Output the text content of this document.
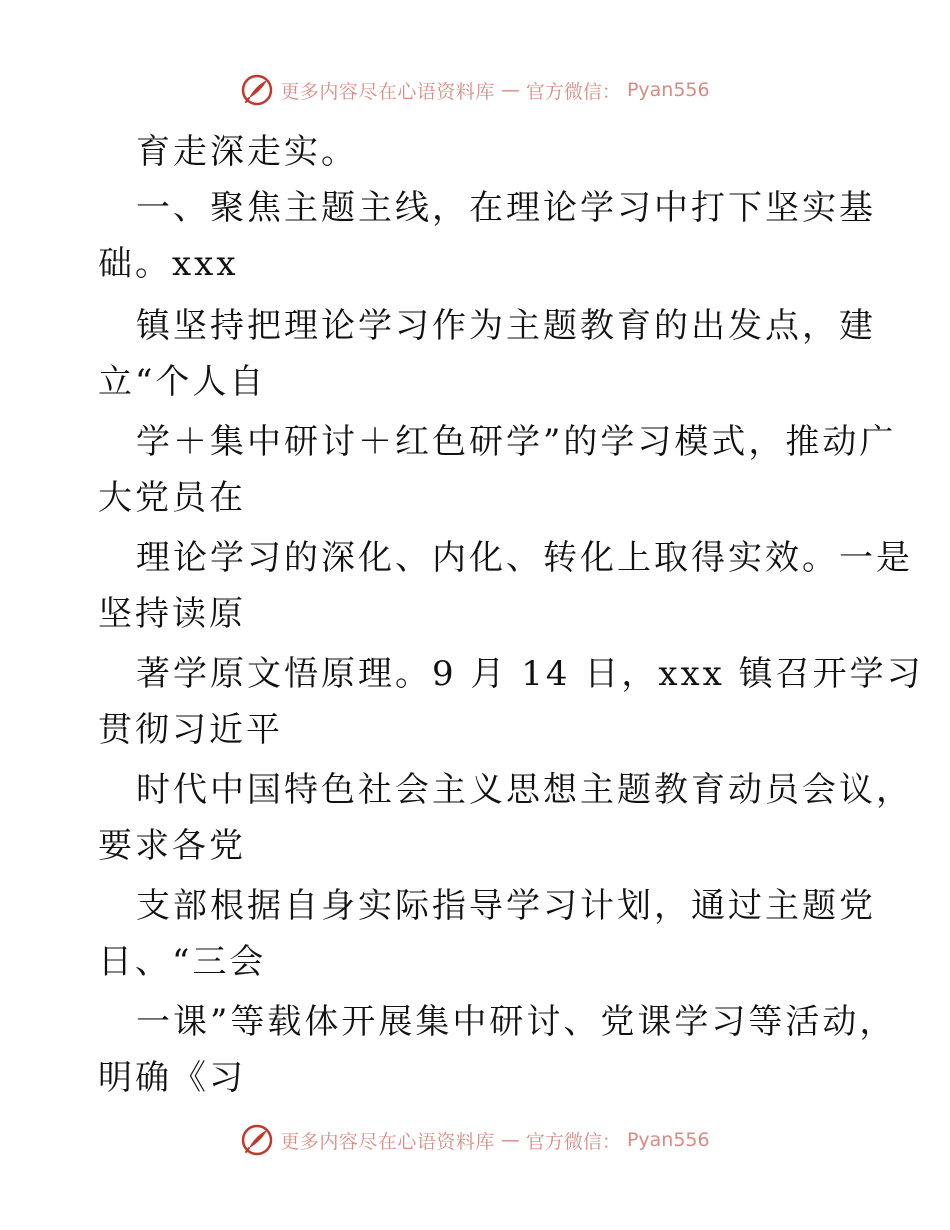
更多内容尽在心语资料库 — 官方微信： Pyan556
育走深走实。
一、聚焦主题主线，在理论学习中打下坚实基
础。xxx
镇坚持把理论学习作为主题教育的出发点，建
立“个人自
学＋集中研讨＋红色研学”的学习模式，推动广
大党员在
理论学习的深化、内化、转化上取得实效。一是
坚持读原
著学原文悟原理。9 月 14 日，xxx 镇召开学习
贯彻习近平
时代中国特色社会主义思想主题教育动员会议，
要求各党
支部根据自身实际指导学习计划，通过主题党
日、“三会
一课”等载体开展集中研讨、党课学习等活动，
明确《习
更多内容尽在心语资料库 — 官方微信： Pyan556
